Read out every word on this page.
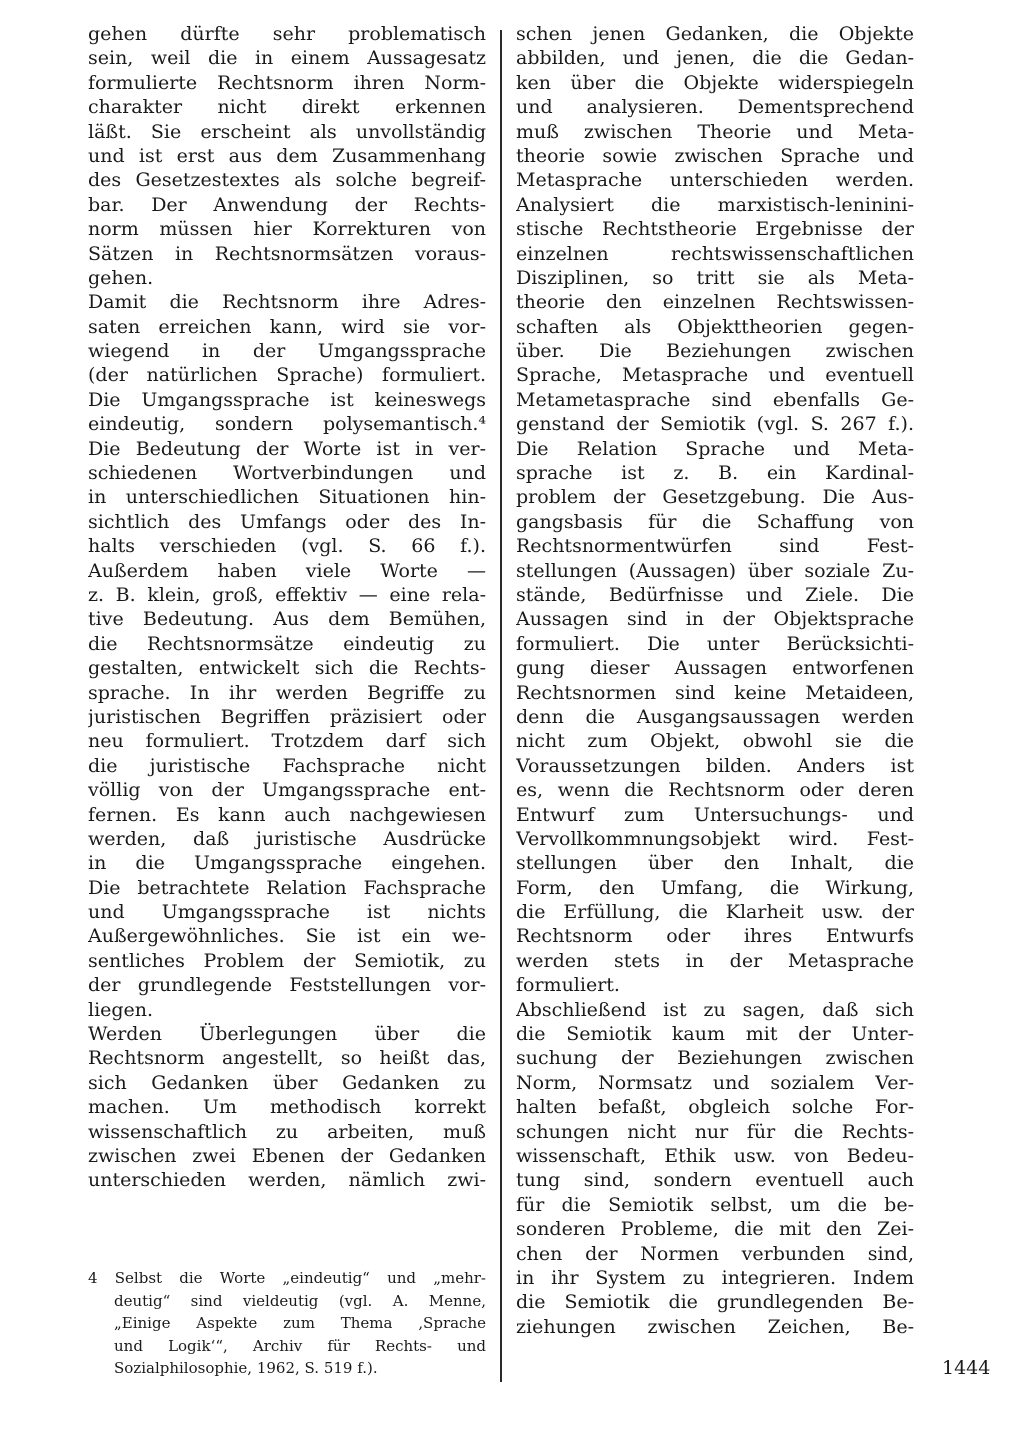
gehen dürfte sehr problematisch
sein, weil die in einem Aussagesatz
formulierte Rechtsnorm ihren Norm-
charakter nicht direkt erkennen
läßt. Sie erscheint als unvollständig
und ist erst aus dem Zusammenhang
des Gesetzestextes als solche begreif-
bar. Der Anwendung der Rechts-
norm müssen hier Korrekturen von
Sätzen in Rechtsnormsätzen voraus-
gehen.
Damit die Rechtsnorm ihre Adres-
saten erreichen kann, wird sie vor-
wiegend in der Umgangssprache
(der natürlichen Sprache) formuliert.
Die Umgangssprache ist keineswegs
eindeutig, sondern polysemantisch.⁴
Die Bedeutung der Worte ist in ver-
schiedenen Wortverbindungen und
in unterschiedlichen Situationen hin-
sichtlich des Umfangs oder des In-
halts verschieden (vgl. S. 66 f.).
Außerdem haben viele Worte —
z. B. klein, groß, effektiv — eine rela-
tive Bedeutung. Aus dem Bemühen,
die Rechtsnormsätze eindeutig zu
gestalten, entwickelt sich die Rechts-
sprache. In ihr werden Begriffe zu
juristischen Begriffen präzisiert oder
neu formuliert. Trotzdem darf sich
die juristische Fachsprache nicht
völlig von der Umgangssprache ent-
fernen. Es kann auch nachgewiesen
werden, daß juristische Ausdrücke
in die Umgangssprache eingehen.
Die betrachtete Relation Fachsprache
und Umgangssprache ist nichts
Außergewöhnliches. Sie ist ein we-
sentliches Problem der Semiotik, zu
der grundlegende Feststellungen vor-
liegen.
Werden Überlegungen über die
Rechtsnorm angestellt, so heißt das,
sich Gedanken über Gedanken zu
machen. Um methodisch korrekt
wissenschaftlich zu arbeiten, muß
zwischen zwei Ebenen der Gedanken
unterschieden werden, nämlich zwi-
schen jenen Gedanken, die Objekte
abbilden, und jenen, die die Gedan-
ken über die Objekte widerspiegeln
und analysieren. Dementsprechend
muß zwischen Theorie und Meta-
theorie sowie zwischen Sprache und
Metasprache unterschieden werden.
Analysiert die marxistisch-leninini-
stische Rechtstheorie Ergebnisse der
einzelnen rechtswissenschaftlichen
Disziplinen, so tritt sie als Meta-
theorie den einzelnen Rechtswissen-
schaften als Objekttheorien gegen-
über. Die Beziehungen zwischen
Sprache, Metasprache und eventuell
Metametasprache sind ebenfalls Ge-
genstand der Semiotik (vgl. S. 267 f.).
Die Relation Sprache und Meta-
sprache ist z. B. ein Kardinal-
problem der Gesetzgebung. Die Aus-
gangsbasis für die Schaffung von
Rechtsnormentwürfen sind Fest-
stellungen (Aussagen) über soziale Zu-
stände, Bedürfnisse und Ziele. Die
Aussagen sind in der Objektsprache
formuliert. Die unter Berücksichti-
gung dieser Aussagen entworfenen
Rechtsnormen sind keine Metaideen,
denn die Ausgangsaussagen werden
nicht zum Objekt, obwohl sie die
Voraussetzungen bilden. Anders ist
es, wenn die Rechtsnorm oder deren
Entwurf zum Untersuchungs- und
Vervollkommnungsobjekt wird. Fest-
stellungen über den Inhalt, die
Form, den Umfang, die Wirkung,
die Erfüllung, die Klarheit usw. der
Rechtsnorm oder ihres Entwurfs
werden stets in der Metasprache
formuliert.
Abschließend ist zu sagen, daß sich
die Semiotik kaum mit der Unter-
suchung der Beziehungen zwischen
Norm, Normsatz und sozialem Ver-
halten befaßt, obgleich solche For-
schungen nicht nur für die Rechts-
wissenschaft, Ethik usw. von Bedeu-
tung sind, sondern eventuell auch
für die Semiotik selbst, um die be-
sonderen Probleme, die mit den Zei-
chen der Normen verbunden sind,
in ihr System zu integrieren. Indem
die Semiotik die grundlegenden Be-
ziehungen zwischen Zeichen, Be-
4 Selbst die Worte „eindeutig“ und „mehr-
deutig“ sind vieldeutig (vgl. A. Menne,
„Einige Aspekte zum Thema ‚Sprache
und Logik‘“, Archiv für Rechts- und
Sozialphilosophie, 1962, S. 519 f.).	1444
